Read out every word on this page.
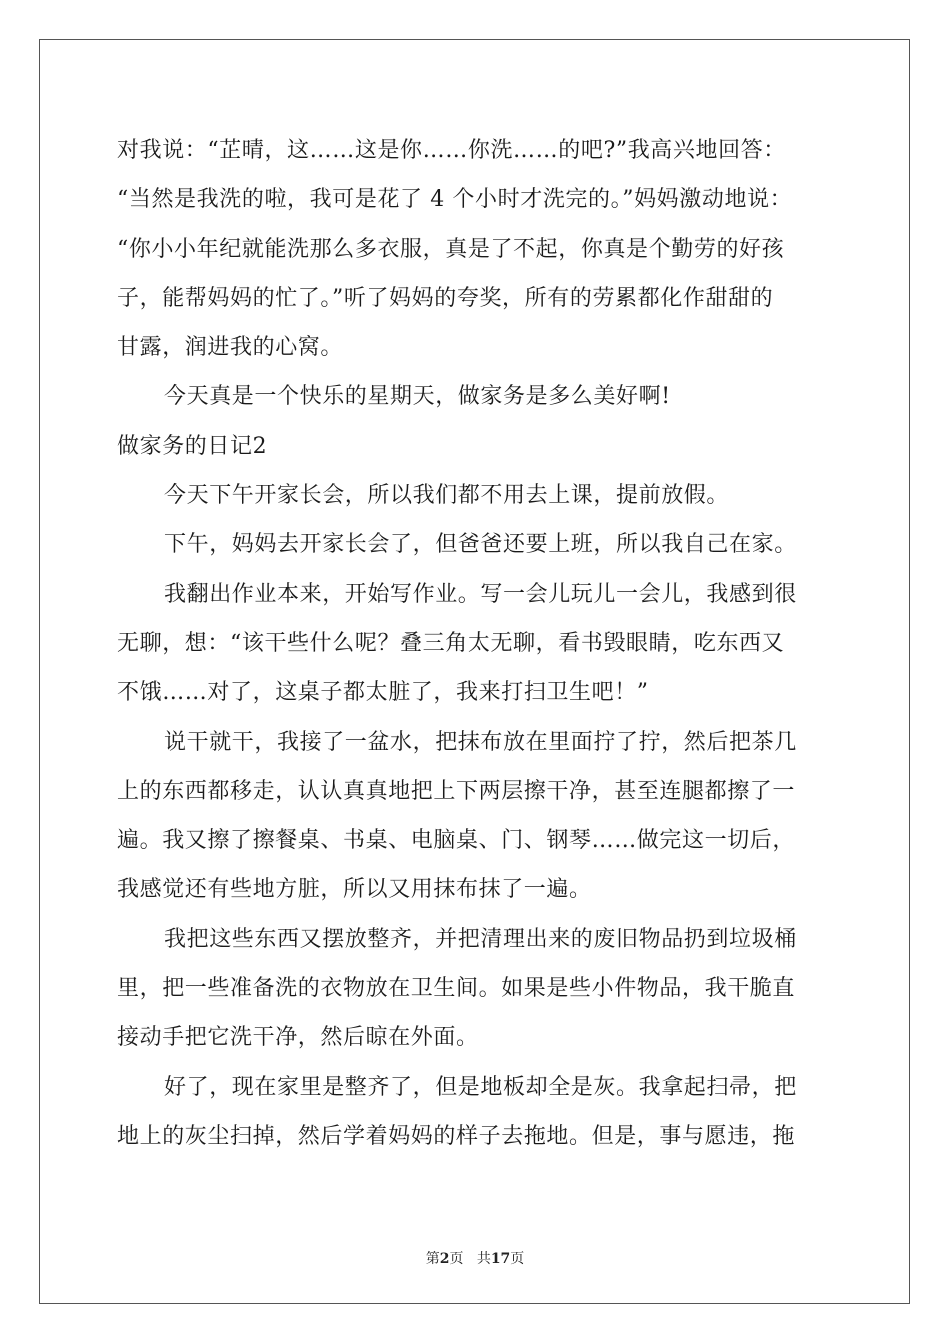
对我说：“芷晴，这……这是你……你洗……的吧?”我高兴地回答：
“当然是我洗的啦，我可是花了 4 个小时才洗完的。”妈妈激动地说：
“你小小年纪就能洗那么多衣服，真是了不起，你真是个勤劳的好孩
子，能帮妈妈的忙了。”听了妈妈的夸奖，所有的劳累都化作甜甜的
甘露，润进我的心窝。
今天真是一个快乐的星期天，做家务是多么美好啊!
做家务的日记2
今天下午开家长会，所以我们都不用去上课，提前放假。
下午，妈妈去开家长会了，但爸爸还要上班，所以我自己在家。
我翻出作业本来，开始写作业。写一会儿玩儿一会儿，我感到很
无聊，想：“该干些什么呢？叠三角太无聊，看书毁眼睛，吃东西又
不饿……对了，这桌子都太脏了，我来打扫卫生吧！”
说干就干，我接了一盆水，把抹布放在里面拧了拧，然后把茶几
上的东西都移走，认认真真地把上下两层擦干净，甚至连腿都擦了一
遍。我又擦了擦餐桌、书桌、电脑桌、门、钢琴……做完这一切后，
我感觉还有些地方脏，所以又用抹布抹了一遍。
我把这些东西又摆放整齐，并把清理出来的废旧物品扔到垃圾桶
里，把一些准备洗的衣物放在卫生间。如果是些小件物品，我干脆直
接动手把它洗干净，然后晾在外面。
好了，现在家里是整齐了，但是地板却全是灰。我拿起扫帚，把
地上的灰尘扫掉，然后学着妈妈的样子去拖地。但是，事与愿违，拖
第2页 共17页
